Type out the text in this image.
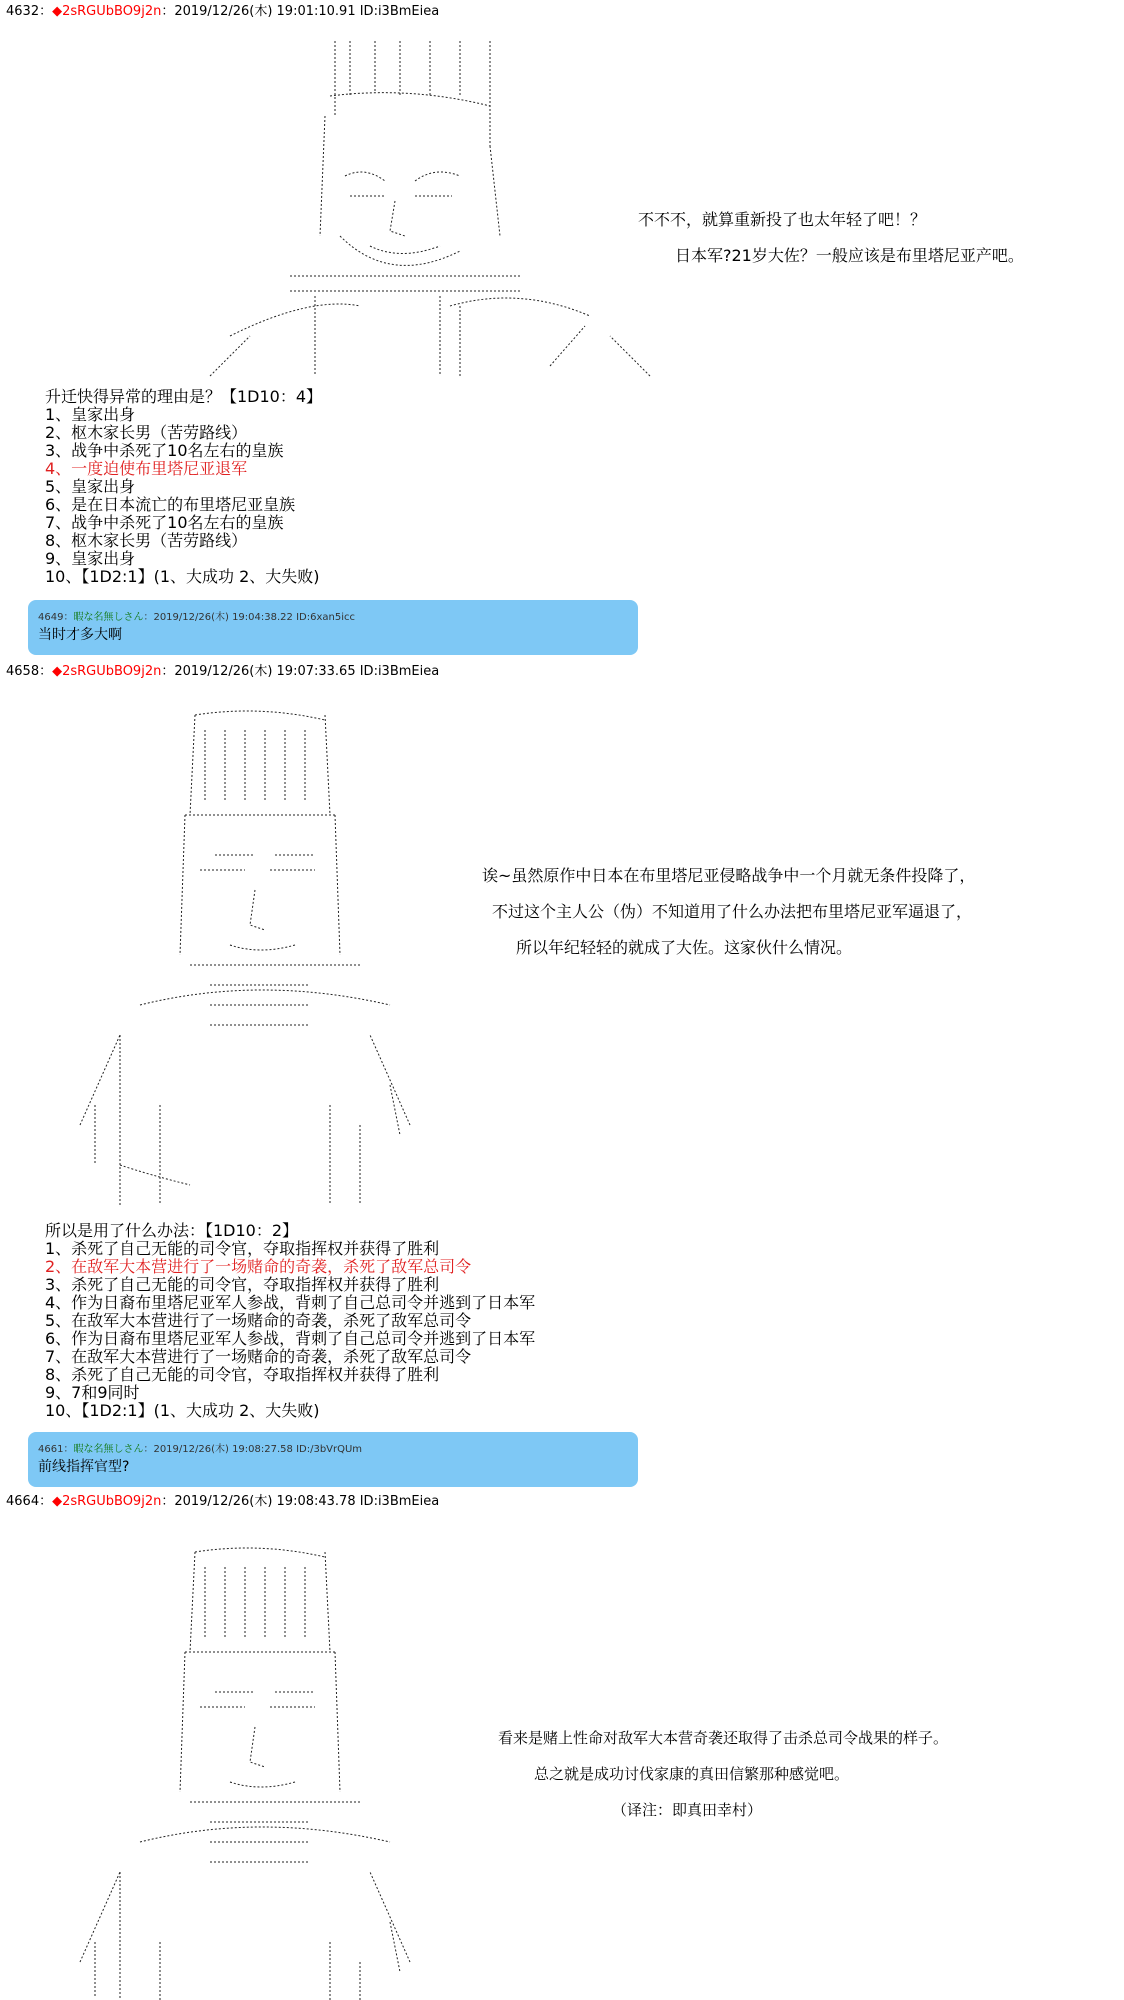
4632：◆2sRGUbBO9j2n：2019/12/26(木) 19:01:10.91 ID:i3BmEiea
不不不，就算重新投了也太年轻了吧！？
日本军?21岁大佐？一般应该是布里塔尼亚产吧。
升迁快得异常的理由是？【1D10：4】
1、皇家出身
2、枢木家长男（苦劳路线）
3、战争中杀死了10名左右的皇族
4、一度迫使布里塔尼亚退军
5、皇家出身
6、是在日本流亡的布里塔尼亚皇族
7、战争中杀死了10名左右的皇族
8、枢木家长男（苦劳路线）
9、皇家出身
10、【1D2:1】(1、大成功 2、大失败)
4649：暇な名無しさん：2019/12/26(木) 19:04:38.22 ID:6xan5icc
当时才多大啊
4658：◆2sRGUbBO9j2n：2019/12/26(木) 19:07:33.65 ID:i3BmEiea
诶~虽然原作中日本在布里塔尼亚侵略战争中一个月就无条件投降了，
不过这个主人公（伪）不知道用了什么办法把布里塔尼亚军逼退了，
所以年纪轻轻的就成了大佐。这家伙什么情况。
所以是用了什么办法：【1D10：2】
1、杀死了自己无能的司令官，夺取指挥权并获得了胜利
2、在敌军大本营进行了一场赌命的奇袭，杀死了敌军总司令
3、杀死了自己无能的司令官，夺取指挥权并获得了胜利
4、作为日裔布里塔尼亚军人参战，背刺了自己总司令并逃到了日本军
5、在敌军大本营进行了一场赌命的奇袭，杀死了敌军总司令
6、作为日裔布里塔尼亚军人参战，背刺了自己总司令并逃到了日本军
7、在敌军大本营进行了一场赌命的奇袭，杀死了敌军总司令
8、杀死了自己无能的司令官，夺取指挥权并获得了胜利
9、7和9同时
10、【1D2:1】(1、大成功 2、大失败)
4661：暇な名無しさん：2019/12/26(木) 19:08:27.58 ID:/3bVrQUm
前线指挥官型?
4664：◆2sRGUbBO9j2n：2019/12/26(木) 19:08:43.78 ID:i3BmEiea
看来是赌上性命对敌军大本营奇袭还取得了击杀总司令战果的样子。
总之就是成功讨伐家康的真田信繁那种感觉吧。
（译注：即真田幸村）
